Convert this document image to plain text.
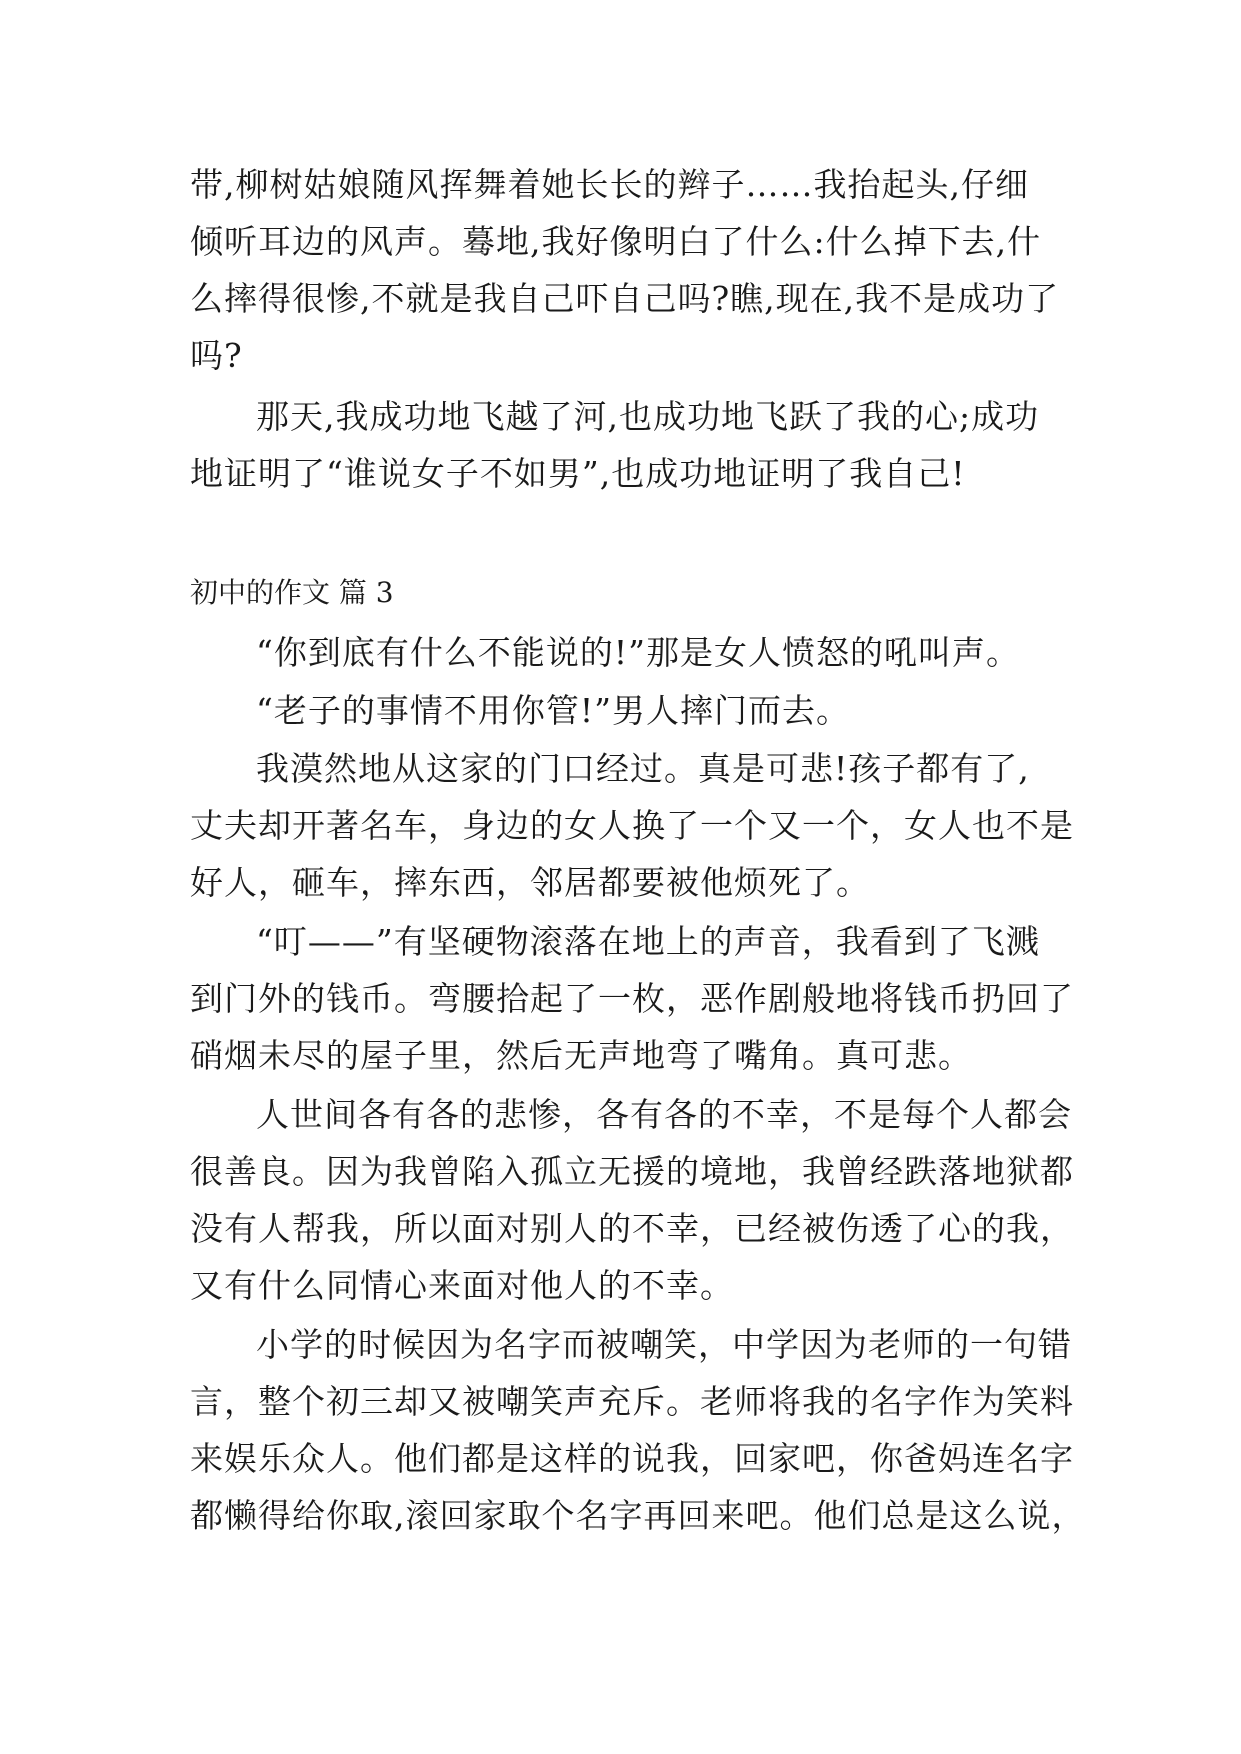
带,柳树姑娘随风挥舞着她长长的辫子……我抬起头,仔细
倾听耳边的风声。蓦地,我好像明白了什么:什么掉下去,什
么摔得很惨,不就是我自己吓自己吗?瞧,现在,我不是成功了
吗?
那天,我成功地飞越了河,也成功地飞跃了我的心;成功
地证明了“谁说女子不如男”,也成功地证明了我自己!
初中的作文 篇 3
“你到底有什么不能说的!”那是女人愤怒的吼叫声。
“老子的事情不用你管!”男人摔门而去。
我漠然地从这家的门口经过。真是可悲!孩子都有了,
丈夫却开著名车，身边的女人换了一个又一个，女人也不是
好人，砸车，摔东西，邻居都要被他烦死了。
“叮——”有坚硬物滚落在地上的声音，我看到了飞溅
到门外的钱币。弯腰拾起了一枚，恶作剧般地将钱币扔回了
硝烟未尽的屋子里，然后无声地弯了嘴角。真可悲。
人世间各有各的悲惨，各有各的不幸，不是每个人都会
很善良。因为我曾陷入孤立无援的境地，我曾经跌落地狱都
没有人帮我，所以面对别人的不幸，已经被伤透了心的我，
又有什么同情心来面对他人的不幸。
小学的时候因为名字而被嘲笑，中学因为老师的一句错
言，整个初三却又被嘲笑声充斥。老师将我的名字作为笑料
来娱乐众人。他们都是这样的说我，回家吧，你爸妈连名字
都懒得给你取,滚回家取个名字再回来吧。他们总是这么说，
